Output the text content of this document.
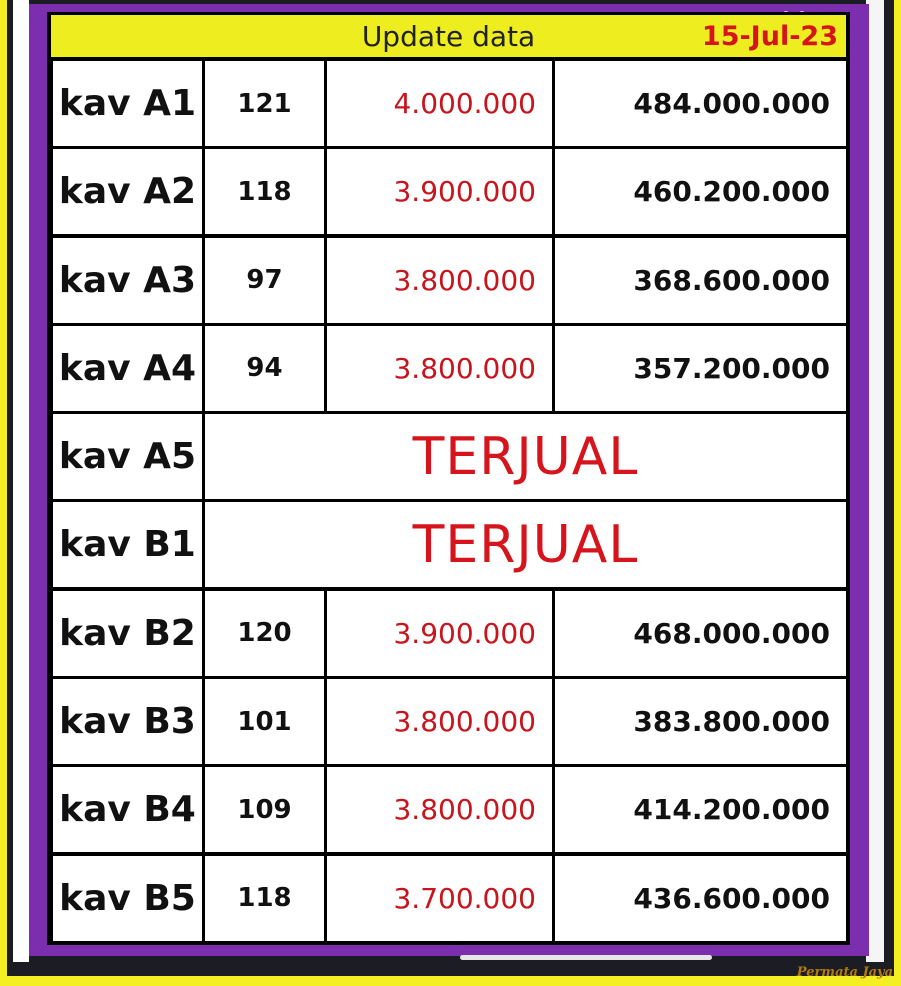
Update data	15-Jul-23
kav A1	121	4.000.000	484.000.000
kav A2	118	3.900.000	460.200.000
kav A3	97	3.800.000	368.600.000
kav A4	94	3.800.000	357.200.000
kav A5	TERJUAL
kav B1	TERJUAL
kav B2	120	3.900.000	468.000.000
kav B3	101	3.800.000	383.800.000
kav B4	109	3.800.000	414.200.000
kav B5	118	3.700.000	436.600.000
Permata Jaya
